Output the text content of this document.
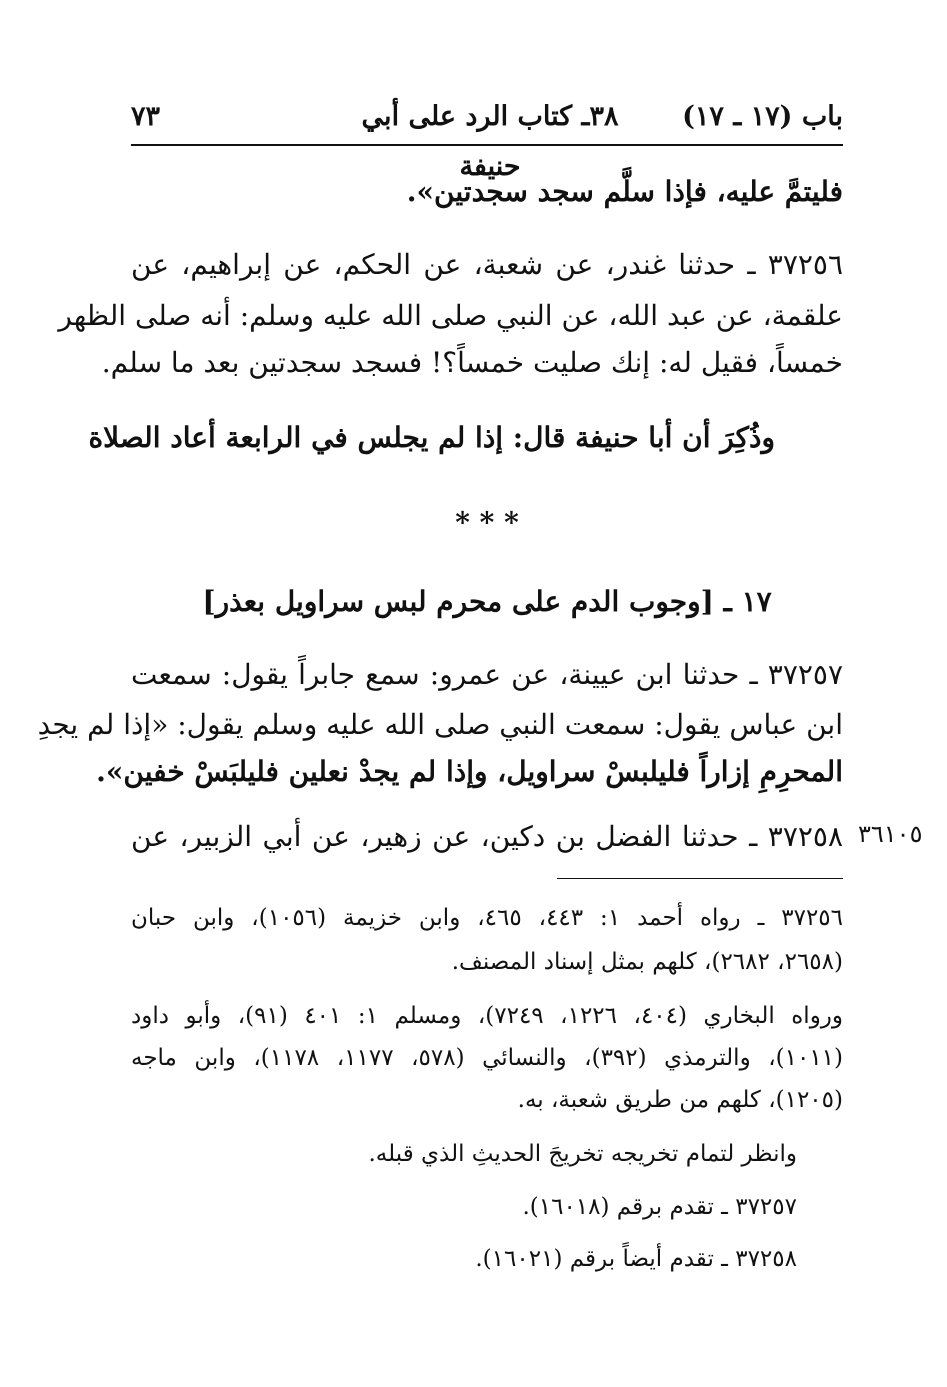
باب (١٧ ـ ١٧)
٣٨ـ كتاب الرد على أبي حنيفة
٧٣
فليتمَّ عليه، فإذا سلَّم سجد سجدتين».
٣٧٢٥٦ ـ حدثنا غندر، عن شعبة، عن الحكم، عن إبراهيم، عن
علقمة، عن عبد الله، عن النبي صلى الله عليه وسلم: أنه صلى الظهر
خمساً، فقيل له: إنك صليت خمساً؟! فسجد سجدتين بعد ما سلم.
وذُكِرَ أن أبا حنيفة قال: إذا لم يجلس في الرابعة أعاد الصلاة
* * *
١٧ ـ [وجوب الدم على محرم لبس سراويل بعذر]
٣٧٢٥٧ ـ حدثنا ابن عيينة، عن عمرو: سمع جابراً يقول: سمعت
ابن عباس يقول: سمعت النبي صلى الله عليه وسلم يقول: «إذا لم يجدِ
المحرِمِ إزاراً فليلبسْ سراويل، وإذا لم يجدْ نعلين فليلبَسْ خفين».
٣٧٢٥٨ ـ حدثنا الفضل بن دكين، عن زهير، عن أبي الزبير، عن ٣٦١٠٥
٣٧٢٥٦ ـ رواه أحمد ١: ٤٤٣، ٤٦٥، وابن خزيمة (١٠٥٦)، وابن حبان
(٢٦٥٨، ٢٦٨٢)، كلهم بمثل إسناد المصنف.
ورواه البخاري (٤٠٤، ١٢٢٦، ٧٢٤٩)، ومسلم ١: ٤٠١ (٩١)، وأبو داود
(١٠١١)، والترمذي (٣٩٢)، والنسائي (٥٧٨، ١١٧٧، ١١٧٨)، وابن ماجه
(١٢٠٥)، كلهم من طريق شعبة، به.
وانظر لتمام تخريجه تخريجَ الحديثِ الذي قبله.
٣٧٢٥٧ ـ تقدم برقم (١٦٠١٨).
٣٧٢٥٨ ـ تقدم أيضاً برقم (١٦٠٢١).
